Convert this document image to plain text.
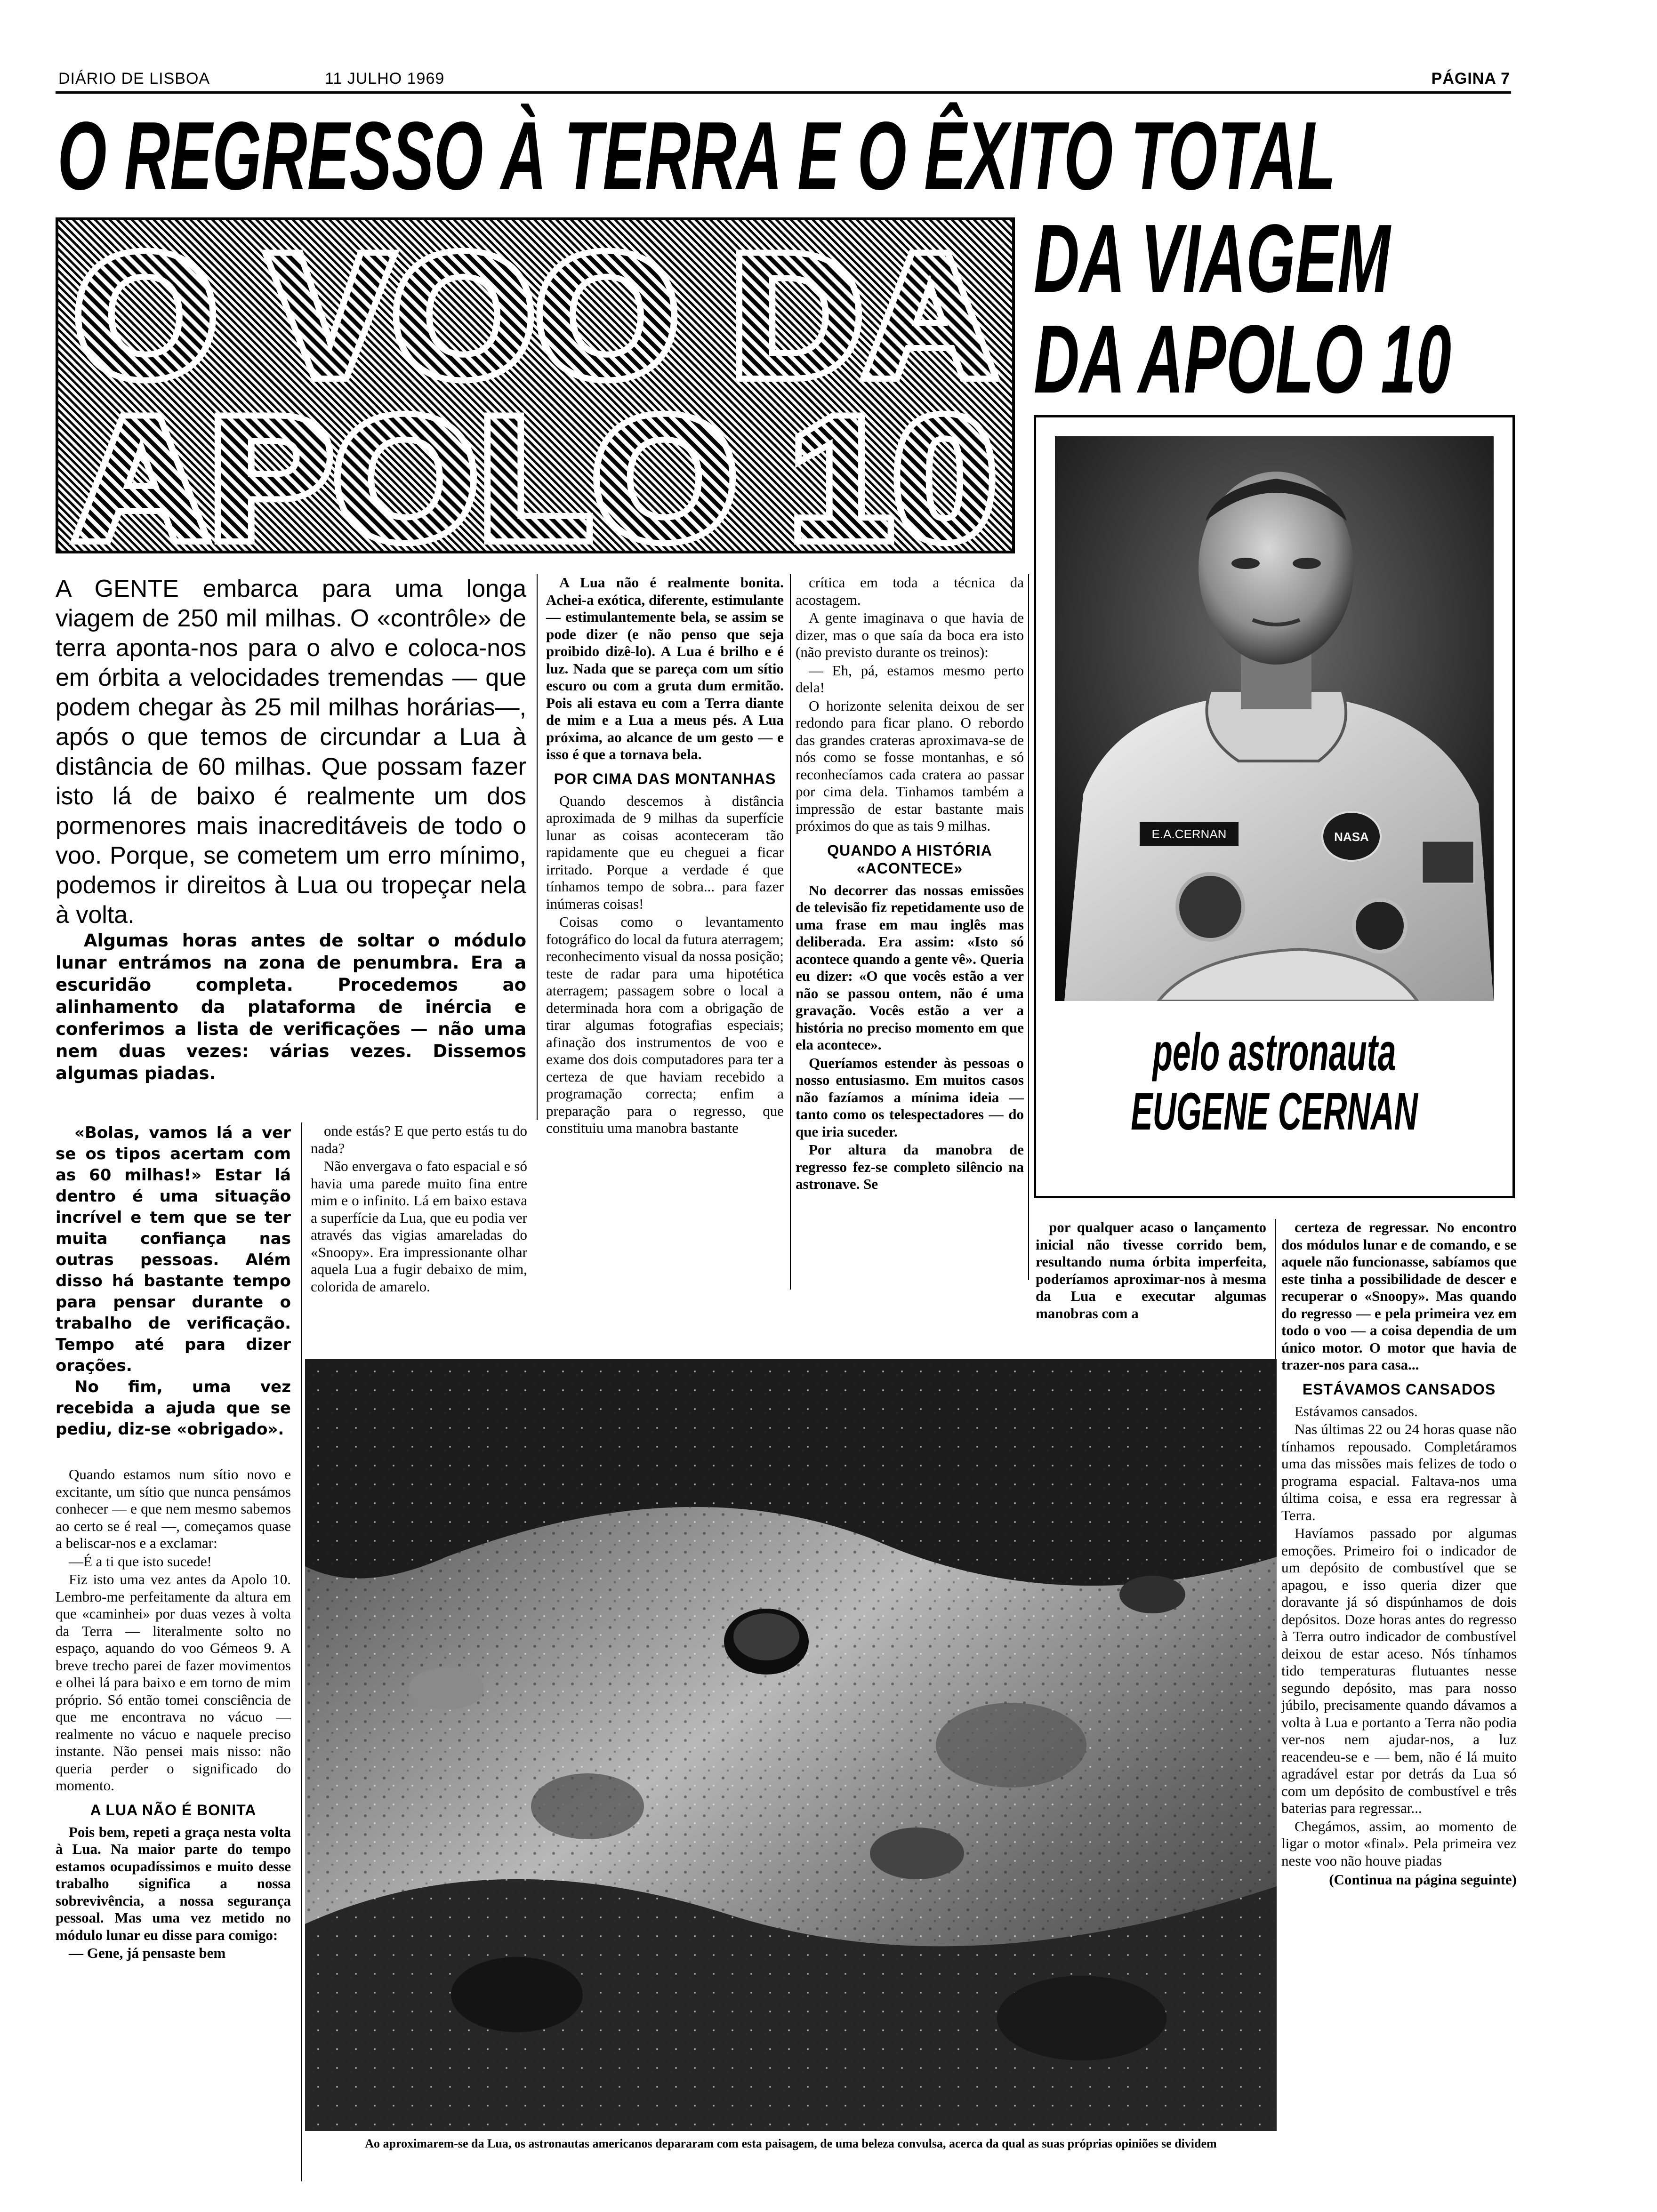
DIÁRIO DE LISBOA	11 JULHO 1969	PÁGINA 7
O REGRESSO À TERRA E O ÊXITO TOTAL
DA VIAGEM
DA APOLO 10
O VOO DA
APOLO 10
E.A.CERNAN	NASA
pelo astronauta
EUGENE CERNAN
A GENTE embarca para uma longa viagem de 250 mil milhas. O «contrôle» de terra aponta-nos para o alvo e coloca-nos em órbita a velocidades tremendas — que podem chegar às 25 mil milhas horárias—, após o que temos de circundar a Lua à distância de 60 milhas. Que possam fazer isto lá de baixo é realmente um dos pormenores mais inacreditáveis de todo o voo. Porque, se cometem um erro mínimo, podemos ir direitos à Lua ou tropeçar nela à volta.

Algumas horas antes de soltar o módulo lunar entrámos na zona de penumbra. Era a escuridão completa. Procedemos ao alinhamento da plataforma de inércia e conferimos a lista de verificações — não uma nem duas vezes: várias vezes. Dissemos algumas piadas.

«Bolas, vamos lá a ver se os tipos acertam com as 60 milhas!» Estar lá dentro é uma situação incrível e tem que se ter muita confiança nas outras pessoas. Além disso há bastante tempo para pensar durante o trabalho de verificação. Tempo até para dizer orações.

No fim, uma vez recebida a ajuda que se pediu, diz-se «obrigado».

Quando estamos num sítio novo e excitante, um sítio que nunca pensámos conhecer — e que nem mesmo sabemos ao certo se é real —, começamos quase a beliscar-nos e a exclamar:

—É a ti que isto sucede!

Fiz isto uma vez antes da Apolo 10. Lembro-me perfeitamente da altura em que «caminhei» por duas vezes à volta da Terra — literalmente solto no espaço, aquando do voo Gémeos 9. A breve trecho parei de fazer movimentos e olhei lá para baixo e em torno de mim próprio. Só então tomei consciência de que me encontrava no vácuo — realmente no vácuo e naquele preciso instante. Não pensei mais nisso: não queria perder o significado do momento.

A LUA NÃO É BONITA

Pois bem, repeti a graça nesta volta à Lua. Na maior parte do tempo estamos ocupadíssimos e muito desse trabalho significa a nossa sobrevivência, a nossa segurança pessoal. Mas uma vez metido no módulo lunar eu disse para comigo:

— Gene, já pensaste bem

onde estás? E que perto estás tu do nada?

Não envergava o fato espacial e só havia uma parede muito fina entre mim e o infinito. Lá em baixo estava a superfície da Lua, que eu podia ver através das vigias amareladas do «Snoopy». Era impressionante olhar aquela Lua a fugir debaixo de mim, colorida de amarelo.

A Lua não é realmente bonita. Achei-a exótica, diferente, estimulante — estimulantemente bela, se assim se pode dizer (e não penso que seja proibido dizê-lo). A Lua é brilho e é luz. Nada que se pareça com um sítio escuro ou com a gruta dum ermitão. Pois ali estava eu com a Terra diante de mim e a Lua a meus pés. A Lua próxima, ao alcance de um gesto — e isso é que a tornava bela.

POR CIMA DAS MONTANHAS

Quando descemos à distância aproximada de 9 milhas da superfície lunar as coisas aconteceram tão rapidamente que eu cheguei a ficar irritado. Porque a verdade é que tínhamos tempo de sobra... para fazer inúmeras coisas!

Coisas como o levantamento fotográfico do local da futura aterragem; reconhecimento visual da nossa posição; teste de radar para uma hipotética aterragem; passagem sobre o local a determinada hora com a obrigação de tirar algumas fotografias especiais; afinação dos instrumentos de voo e exame dos dois computadores para ter a certeza de que haviam recebido a programação correcta; enfim a preparação para o regresso, que constituiu uma manobra bastante

crítica em toda a técnica da acostagem.

A gente imaginava o que havia de dizer, mas o que saía da boca era isto (não previsto durante os treinos):

— Eh, pá, estamos mesmo perto dela!

O horizonte selenita deixou de ser redondo para ficar plano. O rebordo das grandes crateras aproximava-se de nós como se fosse montanhas, e só reconhecíamos cada cratera ao passar por cima dela. Tinhamos também a impressão de estar bastante mais próximos do que as tais 9 milhas.

QUANDO A HISTÓRIA «ACONTECE»

No decorrer das nossas emissões de televisão fiz repetidamente uso de uma frase em mau inglês mas deliberada. Era assim: «Isto só acontece quando a gente vê». Queria eu dizer: «O que vocês estão a ver não se passou ontem, não é uma gravação. Vocês estão a ver a história no preciso momento em que ela acontece».

Queríamos estender às pessoas o nosso entusiasmo. Em muitos casos não fazíamos a mínima ideia — tanto como os telespectadores — do que iria suceder.

Por altura da manobra de regresso fez-se completo silêncio na astronave. Se

por qualquer acaso o lançamento inicial não tivesse corrido bem, resultando numa órbita imperfeita, poderíamos aproximar-nos à mesma da Lua e executar algumas manobras com a

certeza de regressar. No encontro dos módulos lunar e de comando, e se aquele não funcionasse, sabíamos que este tinha a possibilidade de descer e recuperar o «Snoopy». Mas quando do regresso — e pela primeira vez em todo o voo — a coisa dependia de um único motor. O motor que havia de trazer-nos para casa...

ESTÁVAMOS CANSADOS

Estávamos cansados.

Nas últimas 22 ou 24 horas quase não tínhamos repousado. Completáramos uma das missões mais felizes de todo o programa espacial. Faltava-nos uma última coisa, e essa era regressar à Terra.

Havíamos passado por algumas emoções. Primeiro foi o indicador de um depósito de combustível que se apagou, e isso queria dizer que doravante já só dispúnhamos de dois depósitos. Doze horas antes do regresso à Terra outro indicador de combustível deixou de estar aceso. Nós tínhamos tido temperaturas flutuantes nesse segundo depósito, mas para nosso júbilo, precisamente quando dávamos a volta à Lua e portanto a Terra não podia ver-nos nem ajudar-nos, a luz reacendeu-se e — bem, não é lá muito agradável estar por detrás da Lua só com um depósito de combustível e três baterias para regressar...

Chegámos, assim, ao momento de ligar o motor «final». Pela primeira vez neste voo não houve piadas

(Continua na página seguinte)

Ao aproximarem-se da Lua, os astronautas americanos depararam com esta paisagem, de uma beleza convulsa, acerca da qual as suas próprias opiniões se dividem
